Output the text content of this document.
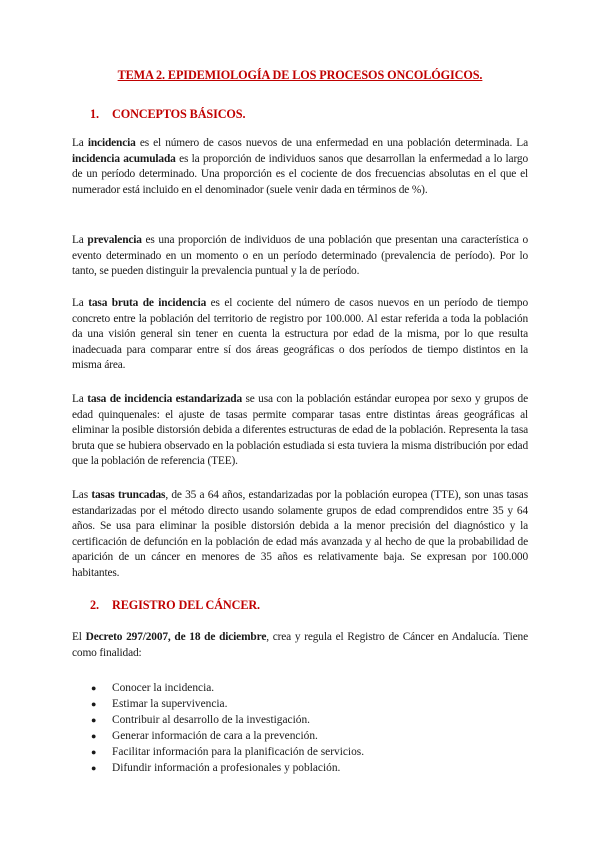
TEMA 2. EPIDEMIOLOGÍA DE LOS PROCESOS ONCOLÓGICOS.
1. CONCEPTOS BÁSICOS.
La incidencia es el número de casos nuevos de una enfermedad en una población determinada. La incidencia acumulada es la proporción de individuos sanos que desarrollan la enfermedad a lo largo de un período determinado. Una proporción es el cociente de dos frecuencias absolutas en el que el numerador está incluido en el denominador (suele venir dada en términos de %).
La prevalencia es una proporción de individuos de una población que presentan una característica o evento determinado en un momento o en un período determinado (prevalencia de período). Por lo tanto, se pueden distinguir la prevalencia puntual y la de período.
La tasa bruta de incidencia es el cociente del número de casos nuevos en un período de tiempo concreto entre la población del territorio de registro por 100.000. Al estar referida a toda la población da una visión general sin tener en cuenta la estructura por edad de la misma, por lo que resulta inadecuada para comparar entre sí dos áreas geográficas o dos períodos de tiempo distintos en la misma área.
La tasa de incidencia estandarizada se usa con la población estándar europea por sexo y grupos de edad quinquenales: el ajuste de tasas permite comparar tasas entre distintas áreas geográficas al eliminar la posible distorsión debida a diferentes estructuras de edad de la población. Representa la tasa bruta que se hubiera observado en la población estudiada si esta tuviera la misma distribución por edad que la población de referencia (TEE).
Las tasas truncadas, de 35 a 64 años, estandarizadas por la población europea (TTE), son unas tasas estandarizadas por el método directo usando solamente grupos de edad comprendidos entre 35 y 64 años. Se usa para eliminar la posible distorsión debida a la menor precisión del diagnóstico y la certificación de defunción en la población de edad más avanzada y al hecho de que la probabilidad de aparición de un cáncer en menores de 35 años es relativamente baja. Se expresan por 100.000 habitantes.
2. REGISTRO DEL CÁNCER.
El Decreto 297/2007, de 18 de diciembre, crea y regula el Registro de Cáncer en Andalucía. Tiene como finalidad:
● Conocer la incidencia.
● Estimar la supervivencia.
● Contribuir al desarrollo de la investigación.
● Generar información de cara a la prevención.
● Facilitar información para la planificación de servicios.
● Difundir información a profesionales y población.
